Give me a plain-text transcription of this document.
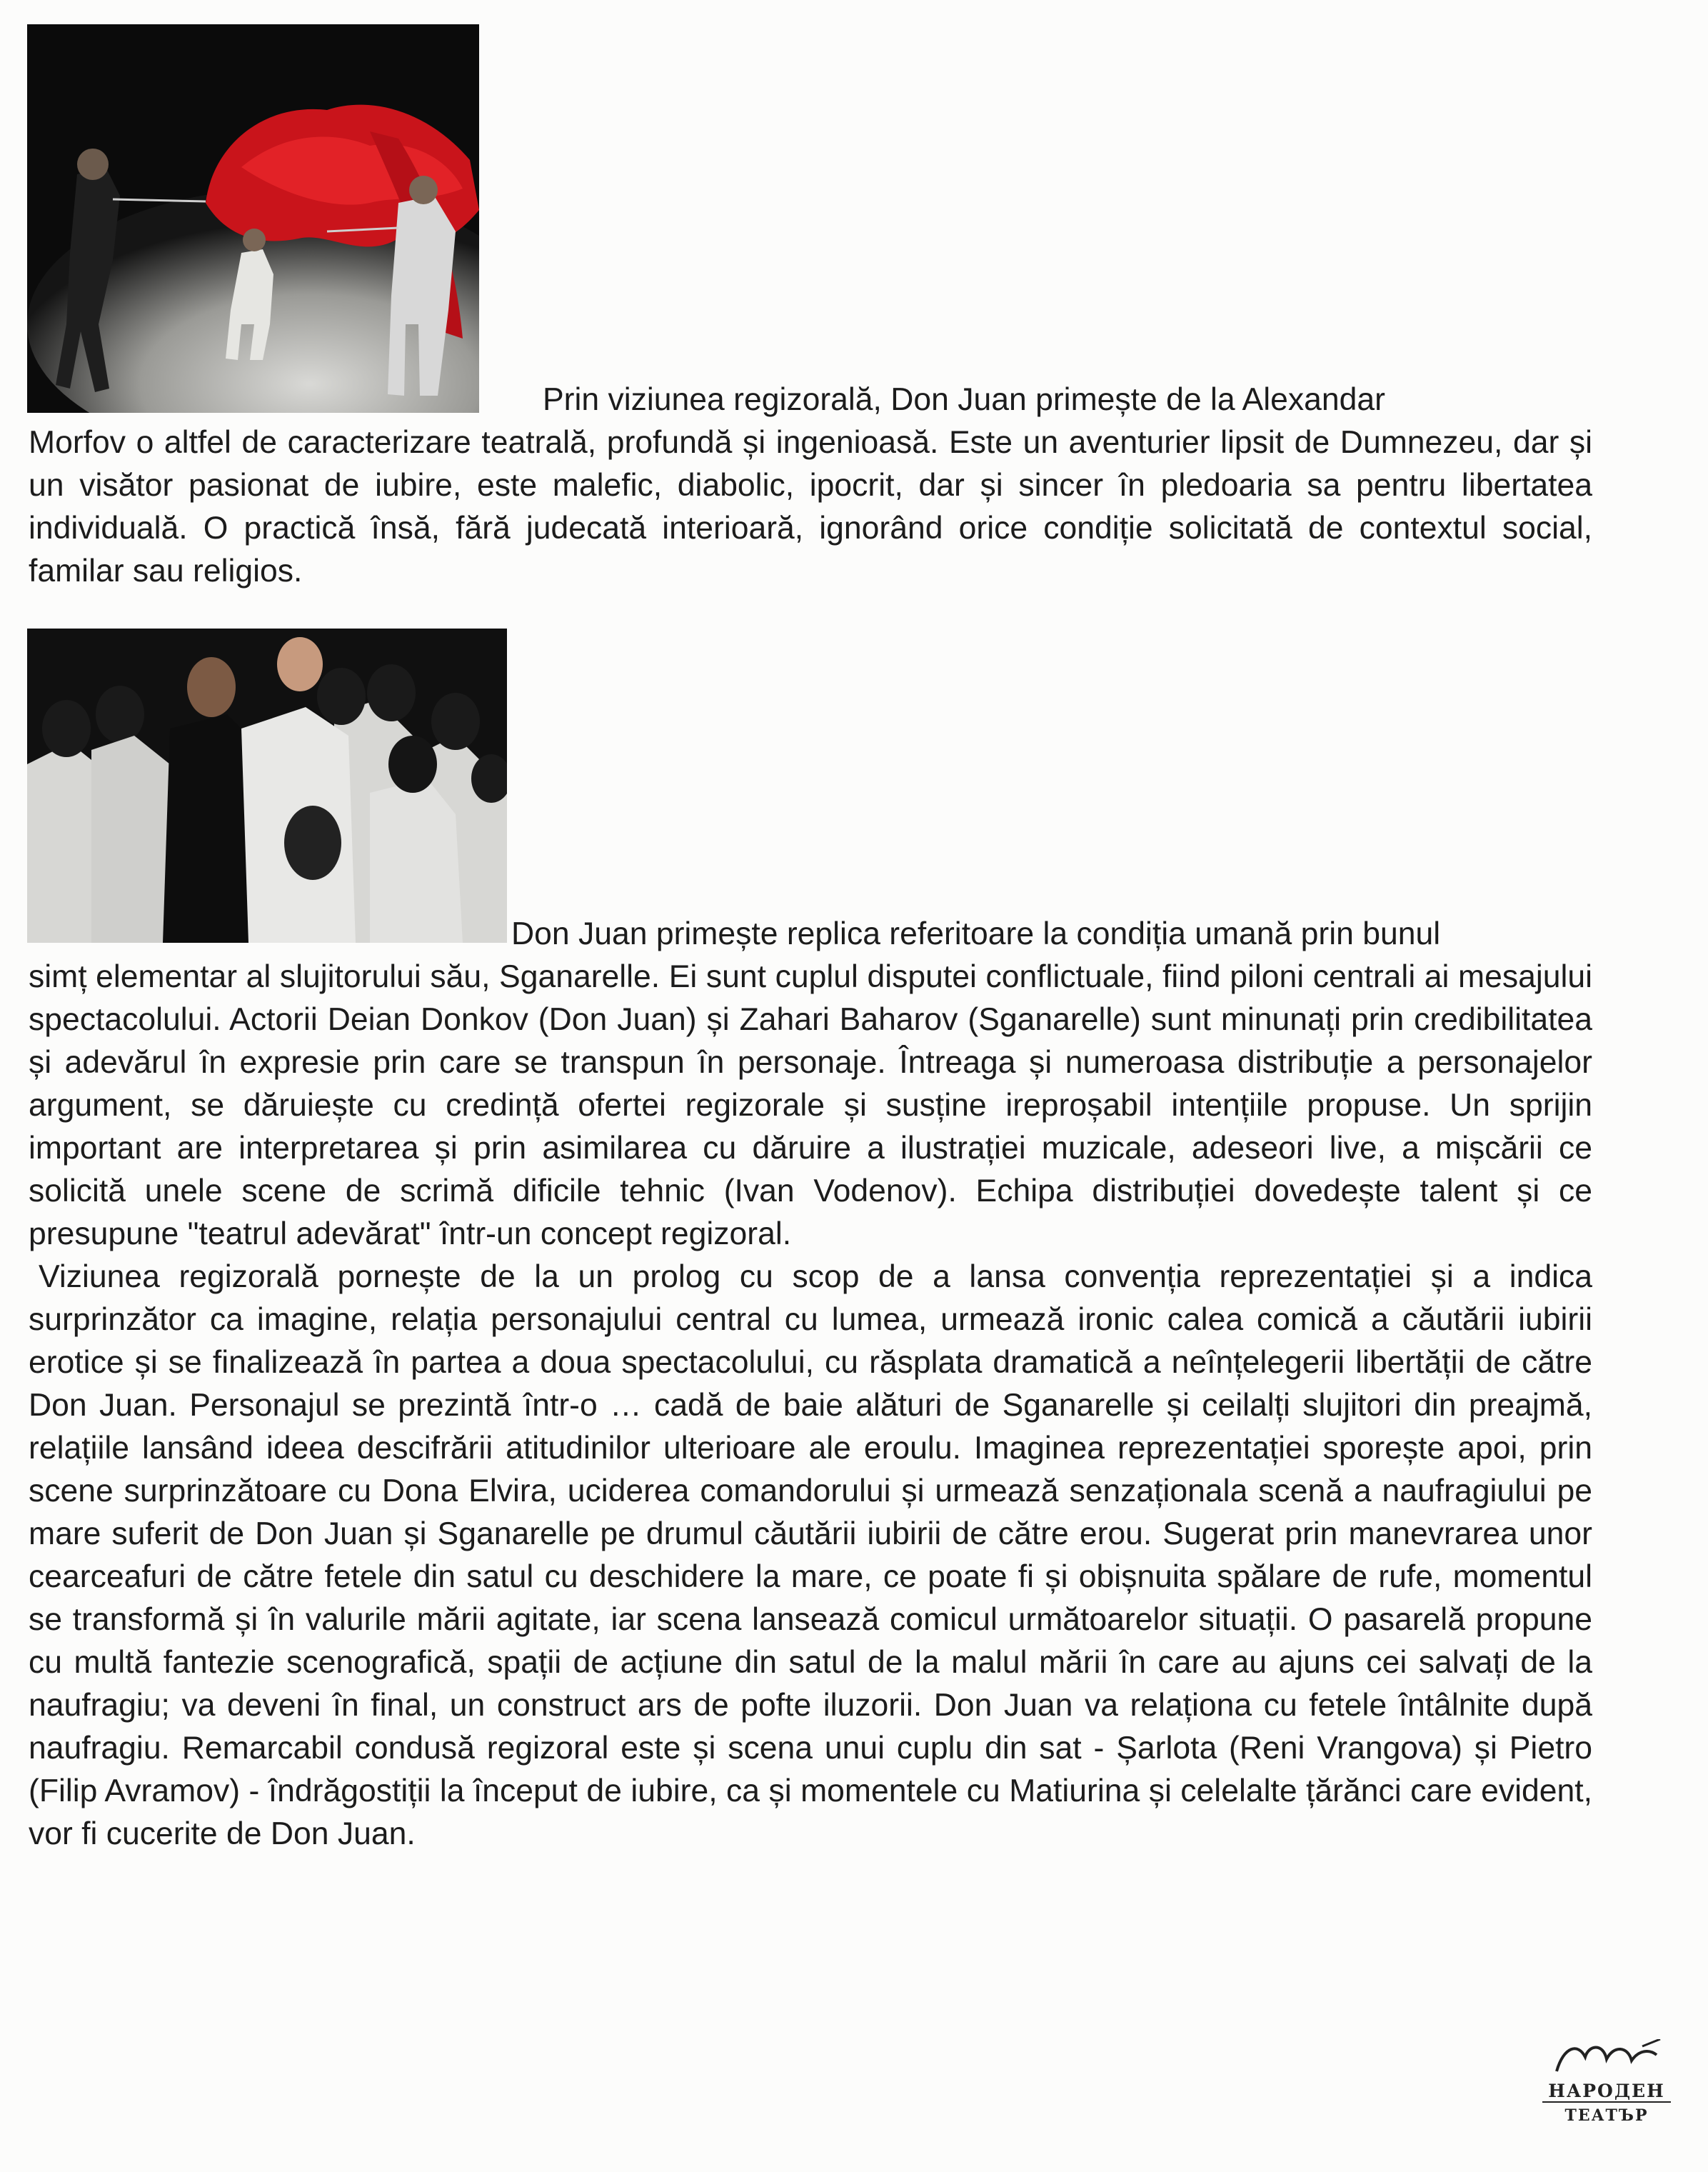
Prin viziunea regizorală, Don Juan primește de la Alexandar

Morfov o altfel de caracterizare teatrală, profundă și ingenioasă. Este un aventurier lipsit de Dumnezeu, dar și un visător pasionat de iubire, este malefic, diabolic, ipocrit, dar și sincer în pledoaria sa pentru libertatea individuală. O practică însă, fără judecată interioară, ignorând orice condiție solicitată de contextul social, familar sau religios.

Don Juan primește replica referitoare la condiția umană prin bunul

simț elementar al slujitorului său, Sganarelle. Ei sunt cuplul disputei conflictuale, fiind piloni centrali ai mesajului spectacolului. Actorii Deian Donkov (Don Juan) și Zahari Baharov (Sganarelle) sunt minunați prin credibilitatea și adevărul în expresie prin care se transpun în personaje. Întreaga și numeroasa distribuție a personajelor argument, se dăruiește cu credință ofertei regizorale și susține ireproșabil intențiile propuse. Un sprijin important are interpretarea și prin asimilarea cu dăruire a ilustrației muzicale, adeseori live, a mișcării ce solicită unele scene de scrimă dificile tehnic (Ivan Vodenov). Echipa distribuției dovedește talent și ce presupune "teatrul adevărat" într-un concept regizoral.

Viziunea regizorală pornește de la un prolog cu scop de a lansa convenția reprezentației și a indica surprinzător ca imagine, relația personajului central cu lumea, urmează ironic calea comică a căutării iubirii erotice și se finalizează în partea a doua spectacolului, cu răsplata dramatică a neînțelegerii libertății de către Don Juan. Personajul se prezintă într-o … cadă de baie alături de Sganarelle și ceilalți slujitori din preajmă, relațiile lansând ideea descifrării atitudinilor ulterioare ale eroulu. Imaginea reprezentației sporește apoi, prin scene surprinzătoare cu Dona Elvira, uciderea comandorului și urmează senzaționala scenă a naufragiului pe mare suferit de Don Juan și Sganarelle pe drumul căutării iubirii de către erou. Sugerat prin manevrarea unor cearceafuri de către fetele din satul cu deschidere la mare, ce poate fi și obișnuita spălare de rufe, momentul se transformă și în valurile mării agitate, iar scena lansează comicul următoarelor situații. O pasarelă propune cu multă fantezie scenografică, spații de acțiune din satul de la malul mării în care au ajuns cei salvați de la naufragiu; va deveni în final, un construct ars de pofte iluzorii. Don Juan va relaționa cu fetele întâlnite după naufragiu. Remarcabil condusă regizoral este și scena unui cuplu din sat - Șarlota (Reni Vrangova) și Pietro (Filip Avramov) - îndrăgostiții la început de iubire, ca și momentele cu Matiurina și celelalte țărănci care evident, vor fi cucerite de Don Juan.

НАРОДЕН
ТЕАТЪР
